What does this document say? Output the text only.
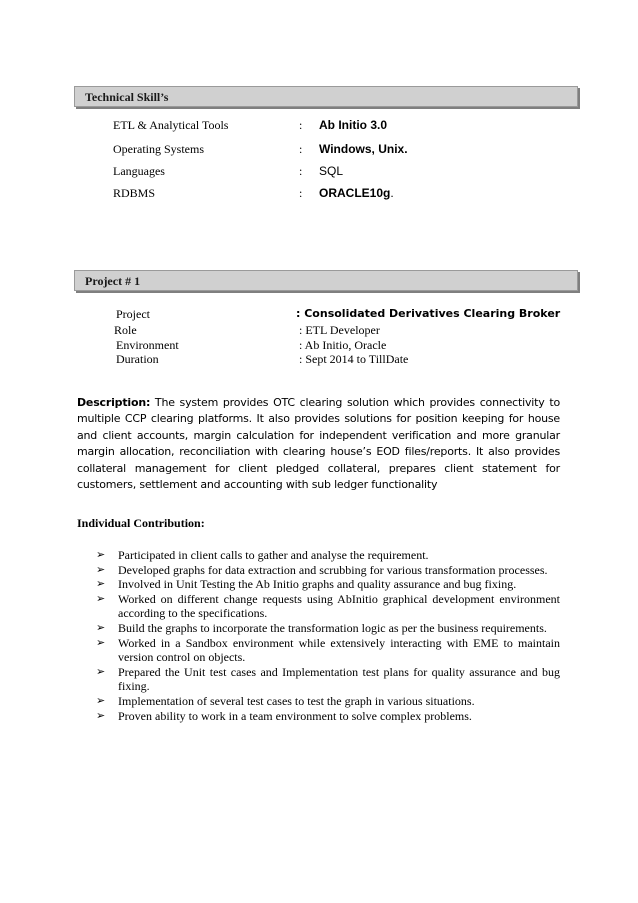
Technical Skill’s
ETL & Analytical Tools	: Ab Initio 3.0
Operating Systems	: Windows, Unix.
Languages	: SQL
RDBMS	: ORACLE10g.
Project # 1
Project	: Consolidated Derivatives Clearing Broker
Role	: ETL Developer
Environment	: Ab Initio, Oracle
Duration	: Sept 2014 to TillDate
Description: The system provides OTC clearing solution which provides connectivity to multiple CCP clearing platforms. It also provides solutions for position keeping for house and client accounts, margin calculation for independent verification and more granular margin allocation, reconciliation with clearing house’s EOD files/reports. It also provides collateral management for client pledged collateral, prepares client statement for customers, settlement and accounting with sub ledger functionality
Individual Contribution:
➢ Participated in client calls to gather and analyse the requirement.
➢ Developed graphs for data extraction and scrubbing for various transformation processes.
➢ Involved in Unit Testing the Ab Initio graphs and quality assurance and bug fixing.
➢ Worked on different change requests using AbInitio graphical development environment according to the specifications.
➢ Build the graphs to incorporate the transformation logic as per the business requirements.
➢ Worked in a Sandbox environment while extensively interacting with EME to maintain version control on objects.
➢ Prepared the Unit test cases and Implementation test plans for quality assurance and bug fixing.
➢ Implementation of several test cases to test the graph in various situations.
➢ Proven ability to work in a team environment to solve complex problems.
